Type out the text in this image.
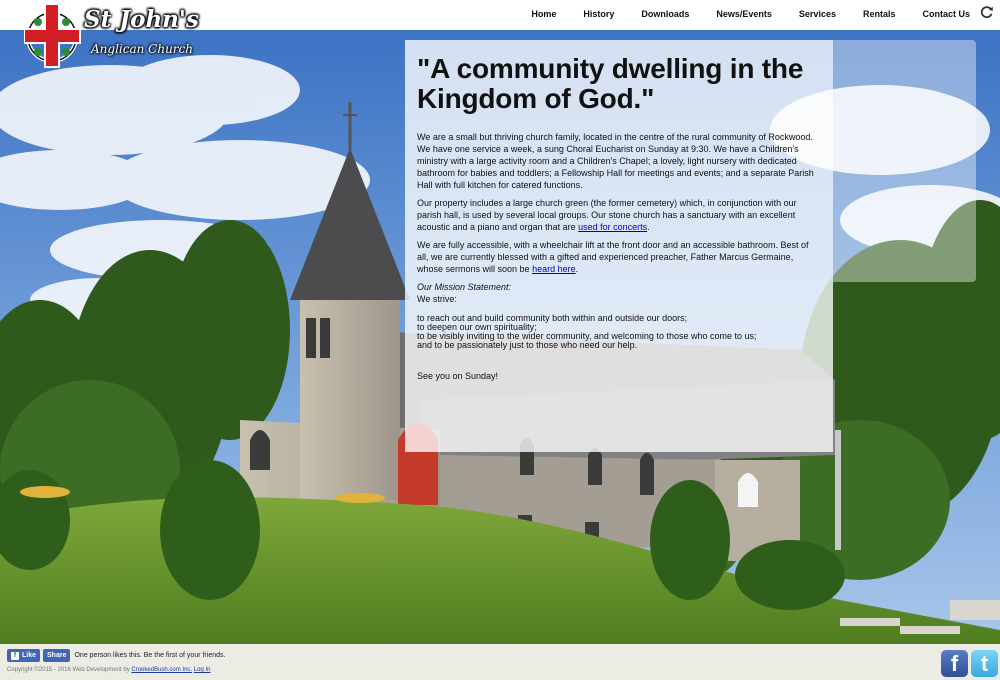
Home	History	Downloads	News/Events	Services	Rentals	Contact Us
St John's
Anglican Church
"A community dwelling in the Kingdom of God."

We are a small but thriving church family, located in the centre of the rural community of Rockwood. We have one service a week, a sung Choral Eucharist on Sunday at 9:30. We have a Children's ministry with a large activity room and a Children's Chapel; a lovely, light nursery with dedicated bathroom for babies and toddlers; a Fellowship Hall for meetings and events; and a separate Parish Hall with full kitchen for catered functions.

Our property includes a large church green (the former cemetery) which, in conjunction with our parish hall, is used by several local groups. Our stone church has a sanctuary with an excellent acoustic and a piano and organ that are used for concerts.

We are fully accessible, with a wheelchair lift at the front door and an accessible bathroom. Best of all, we are currently blessed with a gifted and experienced preacher, Father Marcus Germaine, whose sermons will soon be heard here.

Our Mission Statement:
We strive:
to reach out and build community both within and outside our doors;
to deepen our own spirituality;
to be visibly inviting to the wider community, and welcoming to those who come to us;
and to be passionately just to those who need our help.
See you on Sunday!
f Like Share One person likes this. Be the first of your friends.
Copyright ©2015 - 2016 Web Development by CrookedBush.com Inc. Log In	f	t
